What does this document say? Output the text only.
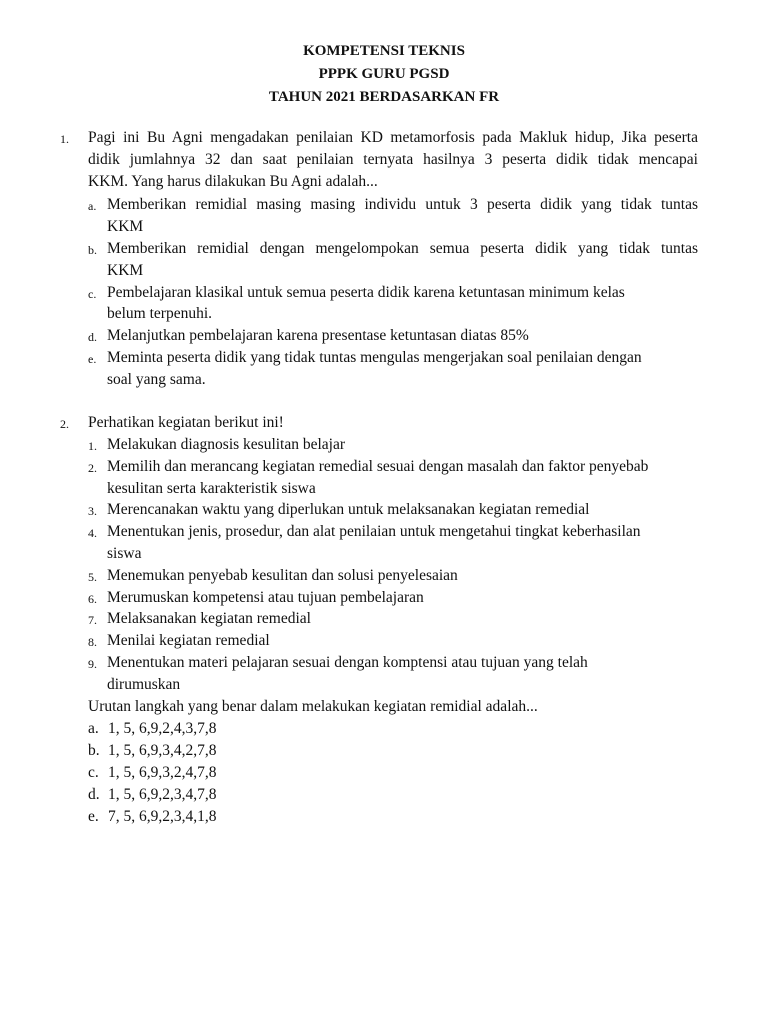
KOMPETENSI TEKNIS
PPPK GURU PGSD
TAHUN 2021 BERDASARKAN FR
1. Pagi ini Bu Agni mengadakan penilaian KD metamorfosis pada Makluk hidup, Jika peserta
didik jumlahnya 32 dan saat penilaian ternyata hasilnya 3 peserta didik tidak mencapai
KKM. Yang harus dilakukan Bu Agni adalah...
a. Memberikan remidial masing masing individu untuk 3 peserta didik yang tidak tuntas
KKM
b. Memberikan remidial dengan mengelompokan semua peserta didik yang tidak tuntas
KKM
c. Pembelajaran klasikal untuk semua peserta didik karena ketuntasan minimum kelas
belum terpenuhi.
d. Melanjutkan pembelajaran karena presentase ketuntasan diatas 85%
e. Meminta peserta didik yang tidak tuntas mengulas mengerjakan soal penilaian dengan
soal yang sama.
2. Perhatikan kegiatan berikut ini!
1. Melakukan diagnosis kesulitan belajar
2. Memilih dan merancang kegiatan remedial sesuai dengan masalah dan faktor penyebab
kesulitan serta karakteristik siswa
3. Merencanakan waktu yang diperlukan untuk melaksanakan kegiatan remedial
4. Menentukan jenis, prosedur, dan alat penilaian untuk mengetahui tingkat keberhasilan
siswa
5. Menemukan penyebab kesulitan dan solusi penyelesaian
6. Merumuskan kompetensi atau tujuan pembelajaran
7. Melaksanakan kegiatan remedial
8. Menilai kegiatan remedial
9. Menentukan materi pelajaran sesuai dengan komptensi atau tujuan yang telah
dirumuskan
Urutan langkah yang benar dalam melakukan kegiatan remidial adalah...
a. 1, 5, 6,9,2,4,3,7,8
b. 1, 5, 6,9,3,4,2,7,8
c. 1, 5, 6,9,3,2,4,7,8
d. 1, 5, 6,9,2,3,4,7,8
e. 7, 5, 6,9,2,3,4,1,8
